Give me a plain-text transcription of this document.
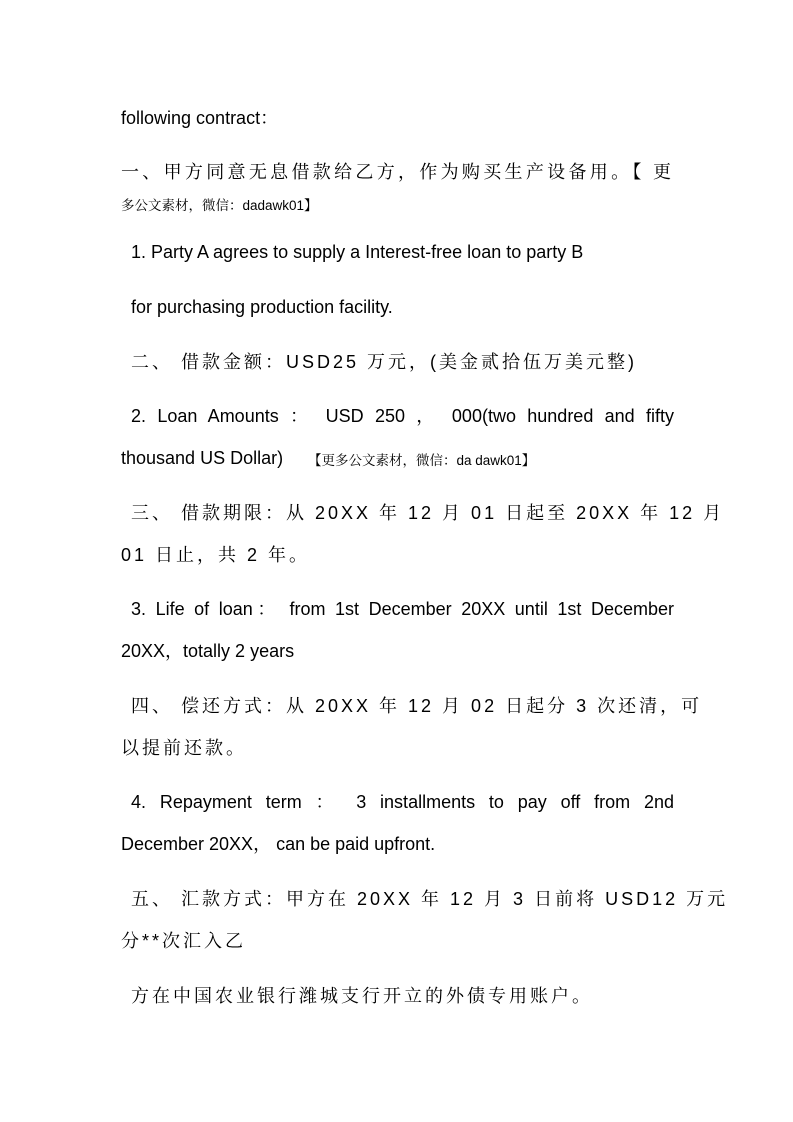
following contract：

一、甲方同意无息借款给乙方，作为购买生产设备用。【 更

多公文素材，微信：dadawk01】

1. Party A agrees to supply a Interest-free loan to party B

for purchasing production facility.

二、 借款金额：USD25 万元，(美金贰拾伍万美元整)

2. Loan Amounts ： USD 250 ， 000(two hundred and fifty

thousand US Dollar) 【更多公文素材，微信：da dawk01】

三、 借款期限：从 20XX 年 12 月 01 日起至 20XX 年 12 月

01 日止，共 2 年。

3. Life of loan： from 1st December 20XX until 1st December

20XX，totally 2 years

四、 偿还方式：从 20XX 年 12 月 02 日起分 3 次还清，可

以提前还款。

4. Repayment term ： 3 installments to pay off from 2nd

December 20XX， can be paid upfront.

五、 汇款方式：甲方在 20XX 年 12 月 3 日前将 USD12 万元

分**次汇入乙

方在中国农业银行潍城支行开立的外债专用账户。
